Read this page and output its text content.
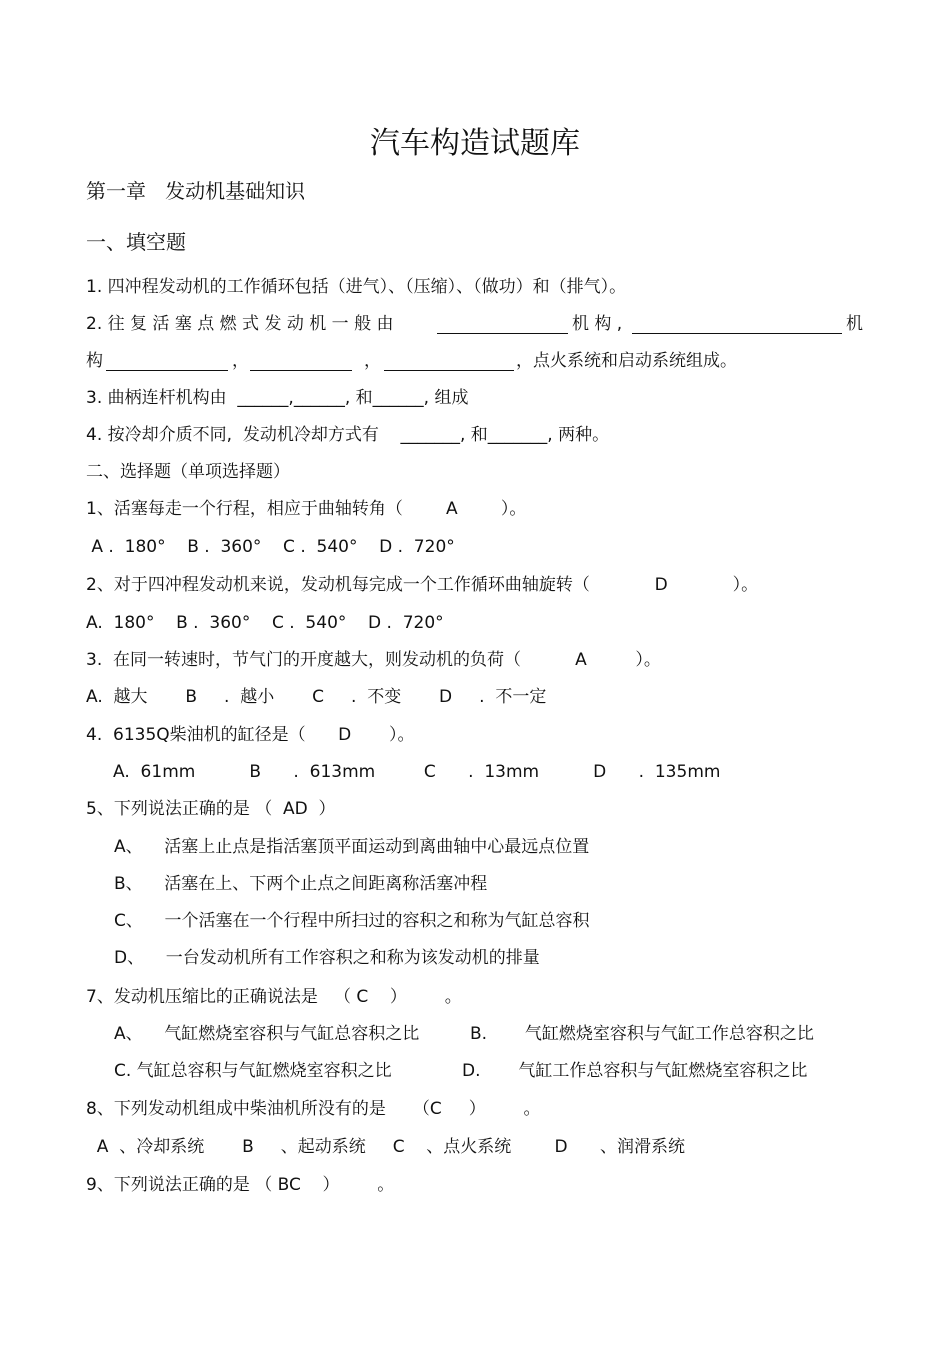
汽车构造试题库
第一章   发动机基础知识
一、填空题
1. 四冲程发动机的工作循环包括（进气）、（压缩）、（做功）和（排气）。
2. 往 复 活 塞 点 燃 式 发 动 机 一 般 由	机 构 ,	机
构	，	，	，点火系统和启动系统组成。
3. 曲柄连杆机构由  ______,______, 和______, 组成
4. 按冷却介质不同,  发动机冷却方式有    _______, 和_______, 两种。
二、选择题（单项选择题）
1、活塞每走一个行程，相应于曲轴转角（        A        ）。
A .  180°    B .  360°    C .  540°    D .  720°
2、对于四冲程发动机来说，发动机每完成一个工作循环曲轴旋转（            D            ）。
A.  180°    B .  360°    C .  540°    D .  720°
3.  在同一转速时，节气门的开度越大，则发动机的负荷（          A         ）。
A.  越大       B     .  越小       C     .  不变       D     .  不一定
4.  6135Q柴油机的缸径是（      D       ）。
A.  61mm          B      .  613mm         C      .  13mm          D      .  135mm
5、下列说法正确的是 （  AD  ）
A、    活塞上止点是指活塞顶平面运动到离曲轴中心最远点位置
B、    活塞在上、下两个止点之间距离称活塞冲程
C、    一个活塞在一个行程中所扫过的容积之和称为气缸总容积
D、    一台发动机所有工作容积之和称为该发动机的排量
7、发动机压缩比的正确说法是   （ C    ）       。
A、    气缸燃烧室容积与气缸总容积之比	B.       气缸燃烧室容积与气缸工作总容积之比
C. 气缸总容积与气缸燃烧室容积之比	D.       气缸工作总容积与气缸燃烧室容积之比
8、下列发动机组成中柴油机所没有的是     （C     ）       。
A  、冷却系统       B     、起动系统     C    、点火系统        D      、润滑系统
9、下列说法正确的是 （ BC    ）       。
